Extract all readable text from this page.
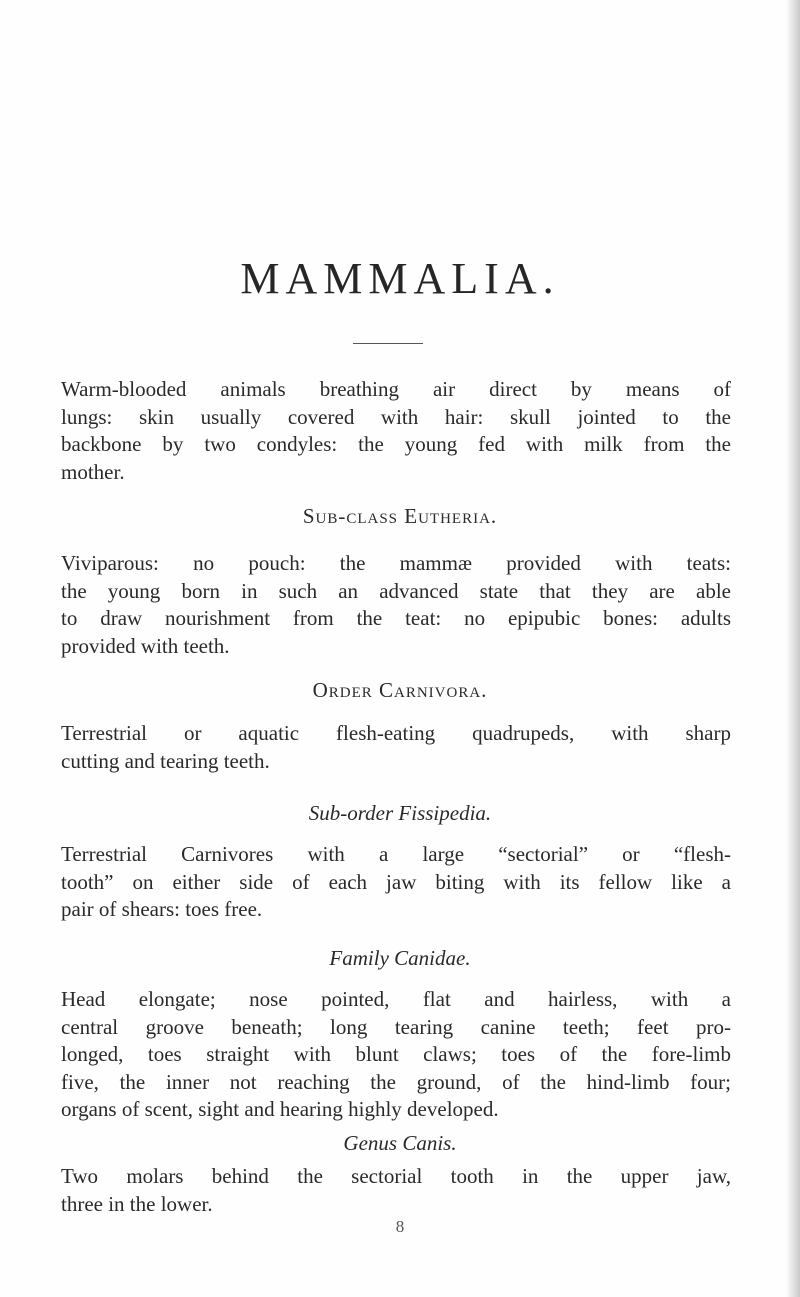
MAMMALIA.

Warm-blooded animals breathing air direct by means of
lungs: skin usually covered with hair: skull jointed to the
backbone by two condyles: the young fed with milk from the
mother.

Sub-class Eutheria.

Viviparous: no pouch: the mammæ provided with teats:
the young born in such an advanced state that they are able
to draw nourishment from the teat: no epipubic bones: adults
provided with teeth.

Order Carnivora.

Terrestrial or aquatic flesh-eating quadrupeds, with sharp
cutting and tearing teeth.

Sub-order Fissipedia.

Terrestrial Carnivores with a large “sectorial” or “flesh-
tooth” on either side of each jaw biting with its fellow like a
pair of shears: toes free.

Family Canidae.

Head elongate; nose pointed, flat and hairless, with a
central groove beneath; long tearing canine teeth; feet pro-
longed, toes straight with blunt claws; toes of the fore-limb
five, the inner not reaching the ground, of the hind-limb four;
organs of scent, sight and hearing highly developed.

Genus Canis.

Two molars behind the sectorial tooth in the upper jaw,
three in the lower.

8
